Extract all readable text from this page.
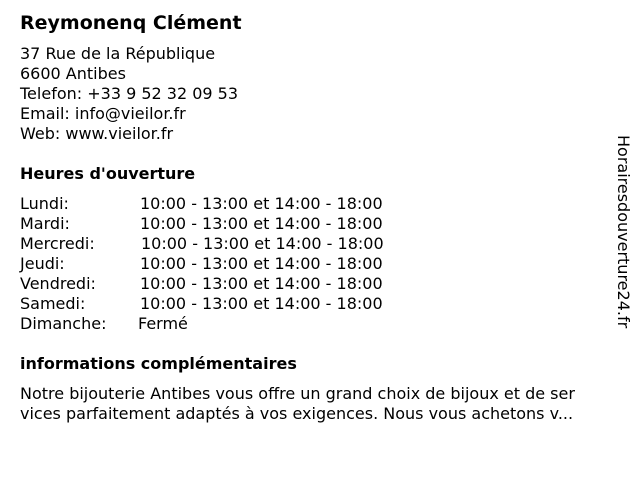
Reymonenq Clément
37 Rue de la République
6600 Antibes
Telefon: +33 9 52 32 09 53
Email: info@vieilor.fr
Web: www.vieilor.fr
Heures d'ouverture
Lundi:	10:00 - 13:00 et 14:00 - 18:00
Mardi:	10:00 - 13:00 et 14:00 - 18:00
Mercredi:	10:00 - 13:00 et 14:00 - 18:00
Jeudi:	10:00 - 13:00 et 14:00 - 18:00
Vendredi:	10:00 - 13:00 et 14:00 - 18:00
Samedi:	10:00 - 13:00 et 14:00 - 18:00
Dimanche: Fermé
informations complémentaires
Notre bijouterie Antibes vous offre un grand choix de bijoux et de ser
vices parfaitement adaptés à vos exigences. Nous vous achetons v...
Horairesdouverture24.fr
